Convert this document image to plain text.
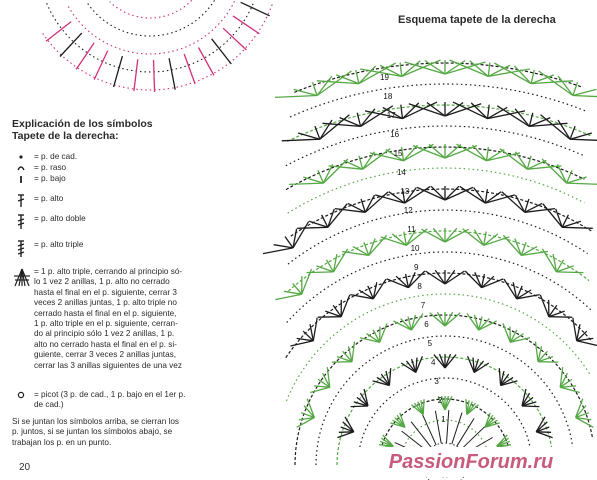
19
18
17
16
15
14
13
12
11
10
9
8
7
6
5
4
3
2
1
Esquema tapete de la derecha
Explicación de los símbolos
Tapete de la derecha:
= p. de cad.
= p. raso
= p. bajo
= p. alto
= p. alto doble
= p. alto triple
= 1 p. alto triple, cerrando al principio só-
lo 1 vez 2 anillas, 1 p. alto no cerrado
hasta el final en el p. siguiente, cerrar 3
veces 2 anillas juntas, 1 p. alto triple no
cerrado hasta el final en el p. siguiente,
1 p. alto triple en el p. siguiente, cerran-
do al principio sólo 1 vez 2 anillas, 1 p.
alto no cerrado hasta el final en el p. si-
guiente, cerrar 3 veces 2 anillas juntas,
cerrar las 3 anillas siguientes de una vez
= picot (3 p. de cad., 1 p. bajo en el 1er p.
de cad.)
Si se juntan los símbolos arriba, se cierran los
p. juntos, si se juntan los símbolos abajo, se
trabajan los p. en un punto.
20	PassionForum.ru
